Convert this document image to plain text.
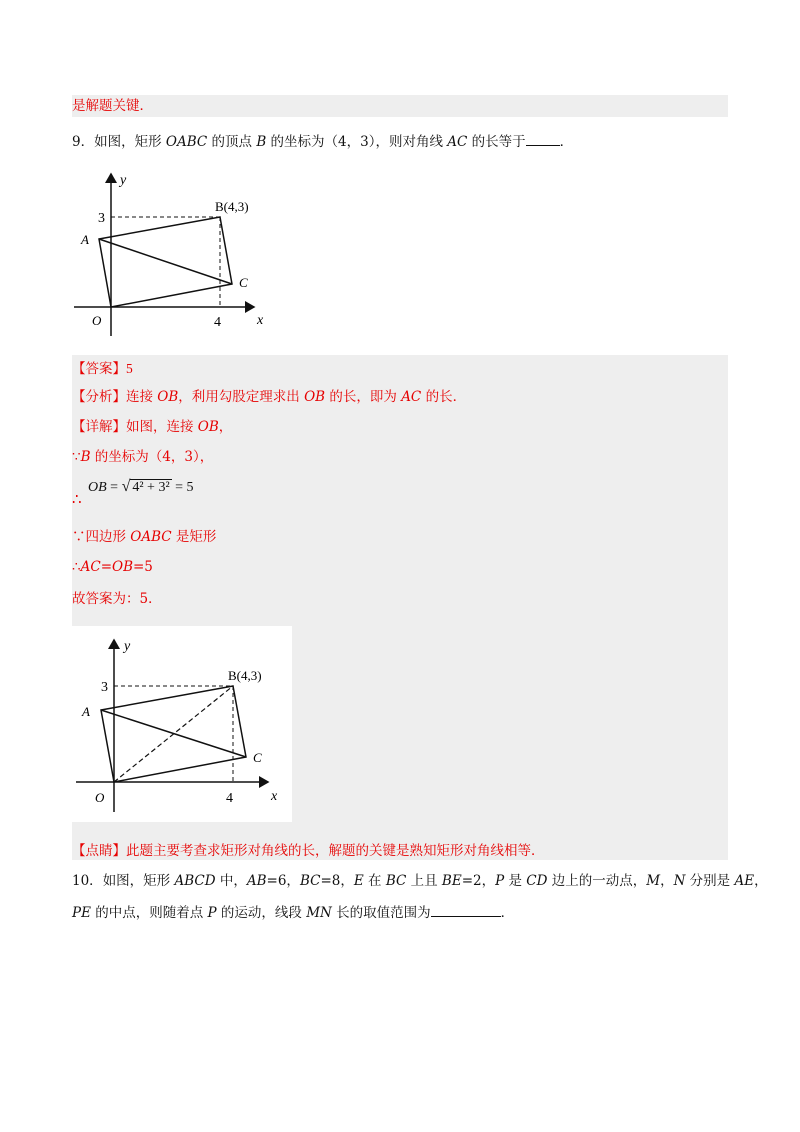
是解题关键．
9．如图，矩形 OABC 的顶点 B 的坐标为（4，3），则对角线 AC 的长等于	．
y
x
3
4
A
B(4,3)
C
O
【答案】5
【分析】连接 OB，利用勾股定理求出 OB 的长，即为 AC 的长．
【详解】如图，连接 OB，
∵B 的坐标为（4，3），
∴
OB = √ 4² + 3² = 5
∵四边形 OABC 是矩形
∴AC=OB=5
故答案为：5．
y
x
3
4
A
B(4,3)
C
O
【点睛】此题主要考查求矩形对角线的长，解题的关键是熟知矩形对角线相等．
10．如图，矩形 ABCD 中，AB=6，BC=8，E 在 BC 上且 BE=2，P 是 CD 边上的一动点，M，N 分别是 AE，
PE 的中点，则随着点 P 的运动，线段 MN 长的取值范围为	．
